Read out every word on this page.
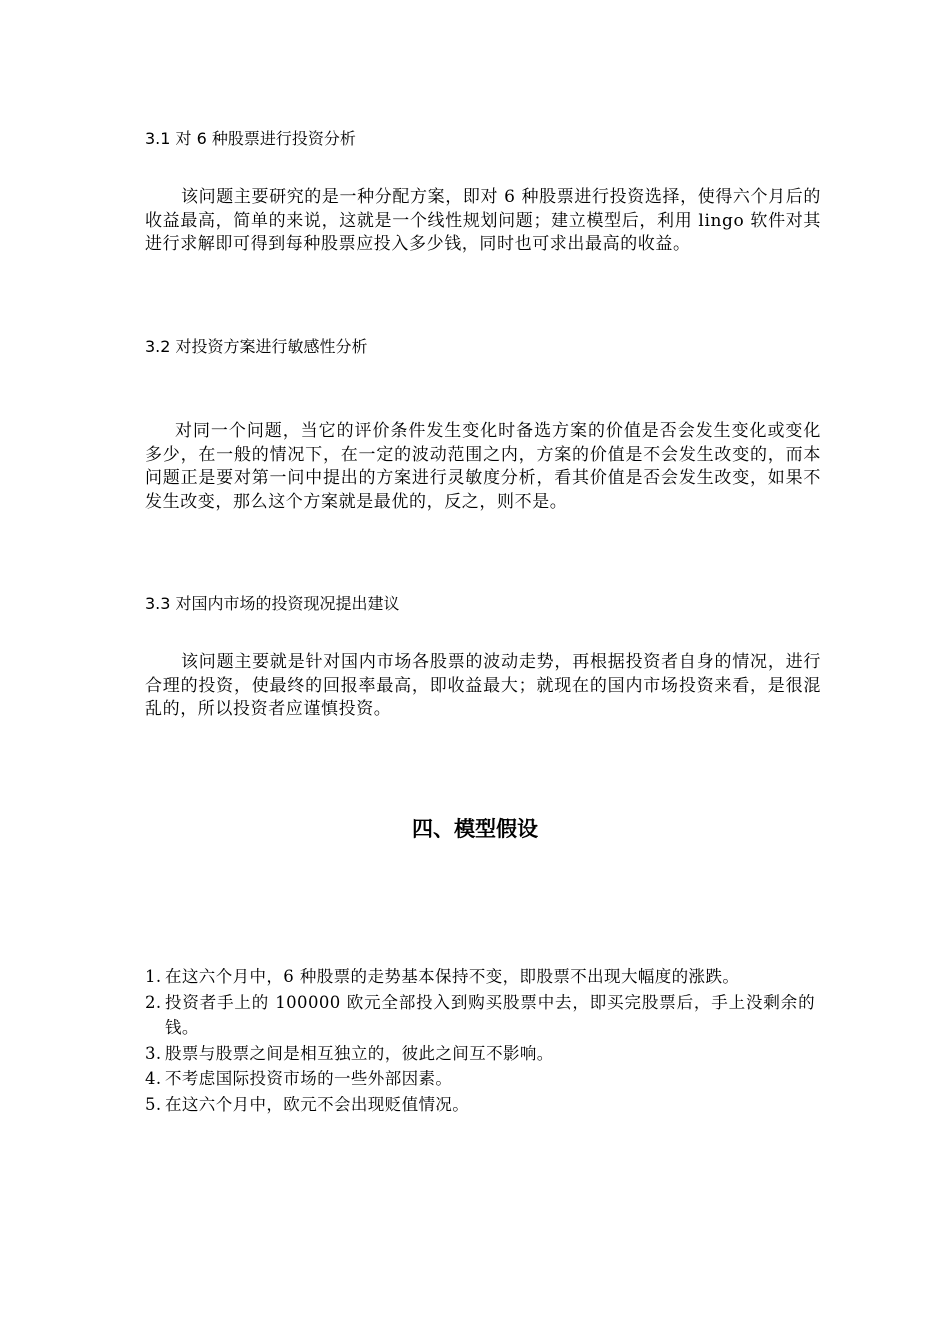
3.1 对 6 种股票进行投资分析
该问题主要研究的是一种分配方案，即对 6 种股票进行投资选择，使得六个月后的收益最高，简单的来说，这就是一个线性规划问题；建立模型后，利用 lingo 软件对其进行求解即可得到每种股票应投入多少钱，同时也可求出最高的收益。
3.2 对投资方案进行敏感性分析
对同一个问题，当它的评价条件发生变化时备选方案的价值是否会发生变化或变化多少，在一般的情况下，在一定的波动范围之内，方案的价值是不会发生改变的，而本问题正是要对第一问中提出的方案进行灵敏度分析，看其价值是否会发生改变，如果不发生改变，那么这个方案就是最优的，反之，则不是。
3.3 对国内市场的投资现况提出建议
该问题主要就是针对国内市场各股票的波动走势，再根据投资者自身的情况，进行合理的投资，使最终的回报率最高，即收益最大；就现在的国内市场投资来看，是很混乱的，所以投资者应谨慎投资。
四、模型假设
1. 在这六个月中，6 种股票的走势基本保持不变，即股票不出现大幅度的涨跌。
2. 投资者手上的 100000 欧元全部投入到购买股票中去，即买完股票后，手上没剩余的钱。
3. 股票与股票之间是相互独立的，彼此之间互不影响。
4. 不考虑国际投资市场的一些外部因素。
5. 在这六个月中，欧元不会出现贬值情况。
